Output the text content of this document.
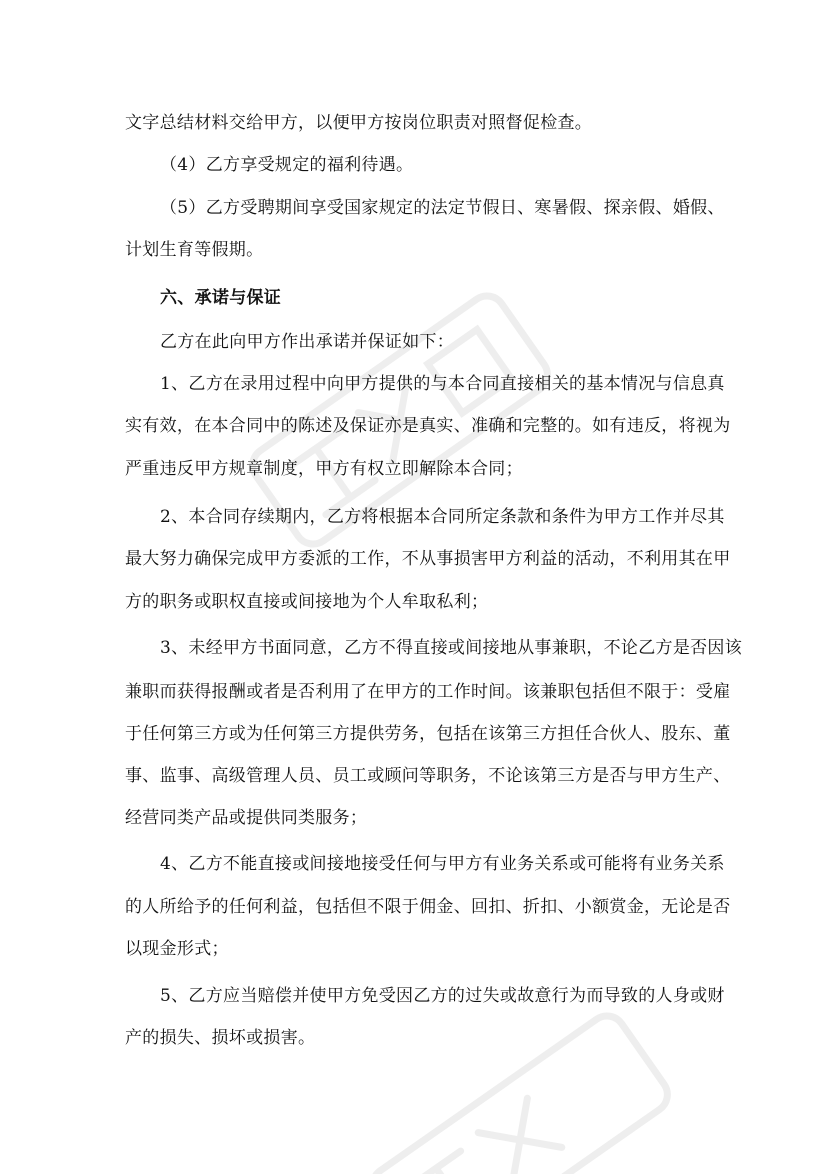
文字总结材料交给甲方，以便甲方按岗位职责对照督促检查。
（4）乙方享受规定的福利待遇。
（5）乙方受聘期间享受国家规定的法定节假日、寒暑假、探亲假、婚假、
计划生育等假期。
六、承诺与保证
乙方在此向甲方作出承诺并保证如下：
1、乙方在录用过程中向甲方提供的与本合同直接相关的基本情况与信息真
实有效，在本合同中的陈述及保证亦是真实、准确和完整的。如有违反，将视为
严重违反甲方规章制度，甲方有权立即解除本合同；
2、本合同存续期内，乙方将根据本合同所定条款和条件为甲方工作并尽其
最大努力确保完成甲方委派的工作，不从事损害甲方利益的活动，不利用其在甲
方的职务或职权直接或间接地为个人牟取私利；
3、未经甲方书面同意，乙方不得直接或间接地从事兼职，不论乙方是否因该
兼职而获得报酬或者是否利用了在甲方的工作时间。该兼职包括但不限于：受雇
于任何第三方或为任何第三方提供劳务，包括在该第三方担任合伙人、股东、董
事、监事、高级管理人员、员工或顾问等职务，不论该第三方是否与甲方生产、
经营同类产品或提供同类服务；
4、乙方不能直接或间接地接受任何与甲方有业务关系或可能将有业务关系
的人所给予的任何利益，包括但不限于佣金、回扣、折扣、小额赏金，无论是否
以现金形式；
5、乙方应当赔偿并使甲方免受因乙方的过失或故意行为而导致的人身或财
产的损失、损坏或损害。
